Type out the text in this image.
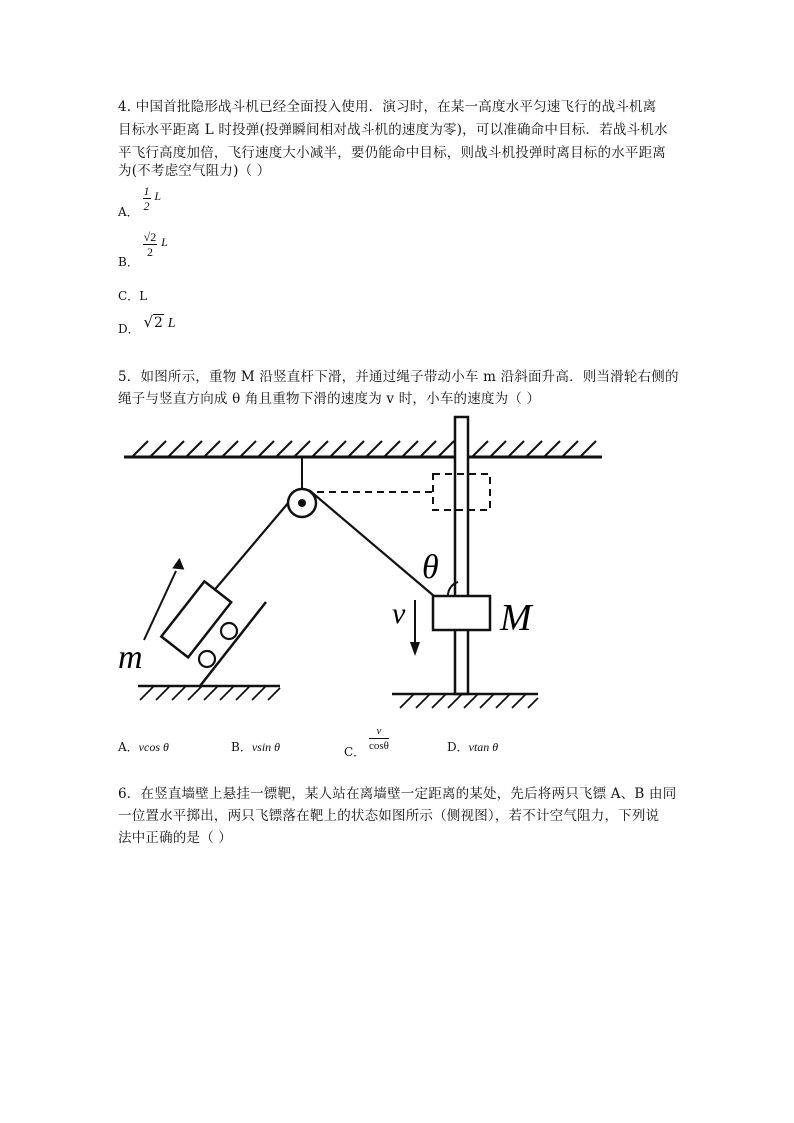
4. 中国首批隐形战斗机已经全面投入使用．演习时，在某一高度水平匀速飞行的战斗机离
目标水平距离 L 时投弹(投弹瞬间相对战斗机的速度为零)，可以准确命中目标．若战斗机水
平飞行高度加倍，飞行速度大小减半，要仍能命中目标，则战斗机投弹时离目标的水平距离
为(不考虑空气阻力)（ ）
A． $\frac{1}{2}$ L
B．
$\frac{√2}{2}$ L
C．L
D． √2 L
5．如图所示，重物 M 沿竖直杆下滑，并通过绳子带动小车 m 沿斜面升高．则当滑轮右侧的
绳子与竖直方向成 θ 角且重物下滑的速度为 v 时，小车的速度为（ ）
θ
v M
m
A．vcos θ	B．vsin θ	C． $\frac{v}{\cos\theta}$	D．vtan θ
6．在竖直墙壁上悬挂一镖靶，某人站在离墙壁一定距离的某处，先后将两只飞镖 A、B 由同
一位置水平掷出，两只飞镖落在靶上的状态如图所示（侧视图），若不计空气阻力，下列说
法中正确的是（ ）
